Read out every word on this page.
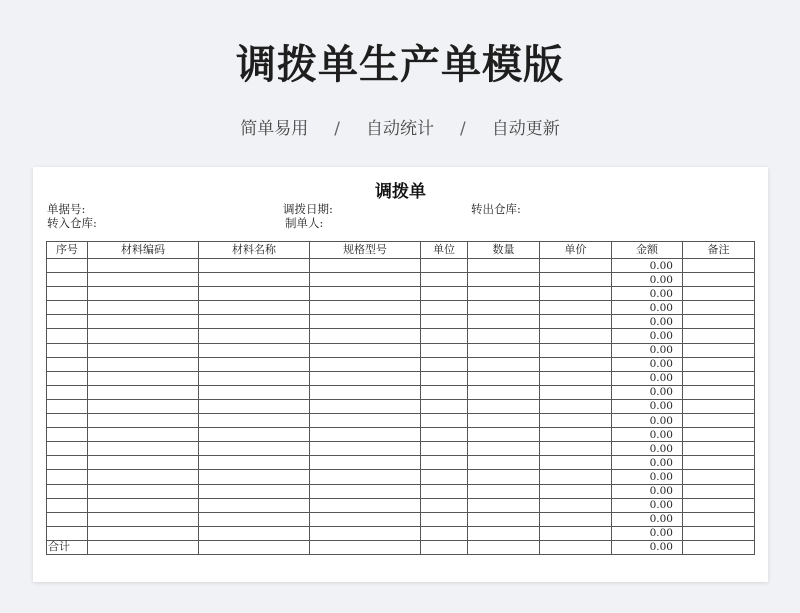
调拨单生产单模版
简单易用 / 自动统计 / 自动更新
调拨单
单据号:	调拨日期:	转出仓库:
转入仓库:	制单人:
序号	材料编码	材料名称	规格型号	单位	数量	单价	金额	备注
							0.00	
							0.00	
							0.00	
							0.00	
							0.00	
							0.00	
							0.00	
							0.00	
							0.00	
							0.00	
							0.00	
							0.00	
							0.00	
							0.00	
							0.00	
							0.00	
							0.00	
							0.00	
							0.00	
							0.00	
合计							0.00	
